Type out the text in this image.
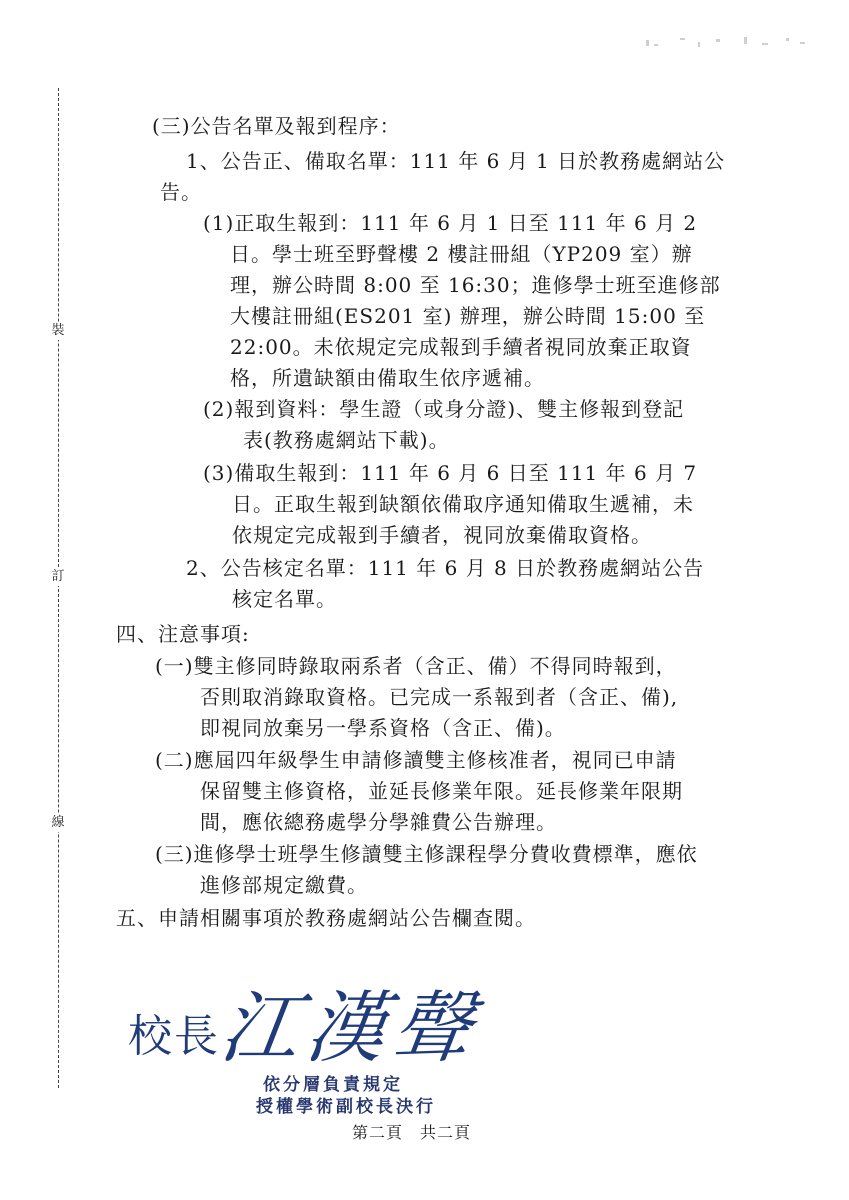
裝
訂
線
(三)公告名單及報到程序：
1、公告正、備取名單：111 年 6 月 1 日於教務處網站公
告。
(1)正取生報到：111 年 6 月 1 日至 111 年 6 月 2
日。學士班至野聲樓 2 樓註冊組（YP209 室）辦
理，辦公時間 8:00 至 16:30；進修學士班至進修部
大樓註冊組(ES201 室) 辦理，辦公時間 15:00 至
22:00。未依規定完成報到手續者視同放棄正取資
格，所遺缺額由備取生依序遞補。
(2)報到資料：學生證（或身分證)、雙主修報到登記
表(教務處網站下載)。
(3)備取生報到：111 年 6 月 6 日至 111 年 6 月 7
日。正取生報到缺額依備取序通知備取生遞補，未
依規定完成報到手續者，視同放棄備取資格。
2、公告核定名單：111 年 6 月 8 日於教務處網站公告
核定名單。
四、注意事項:
(一)雙主修同時錄取兩系者（含正、備）不得同時報到，
否則取消錄取資格。已完成一系報到者（含正、備),
即視同放棄另一學系資格（含正、備)。
(二)應屆四年級學生申請修讀雙主修核准者，視同已申請
保留雙主修資格，並延長修業年限。延長修業年限期
間，應依總務處學分學雜費公告辦理。
(三)進修學士班學生修讀雙主修課程學分費收費標準，應依
進修部規定繳費。
五、申請相關事項於教務處網站公告欄查閱。
校長
江漢聲
依分層負責規定
授權學術副校長決行
第二頁　共二頁
